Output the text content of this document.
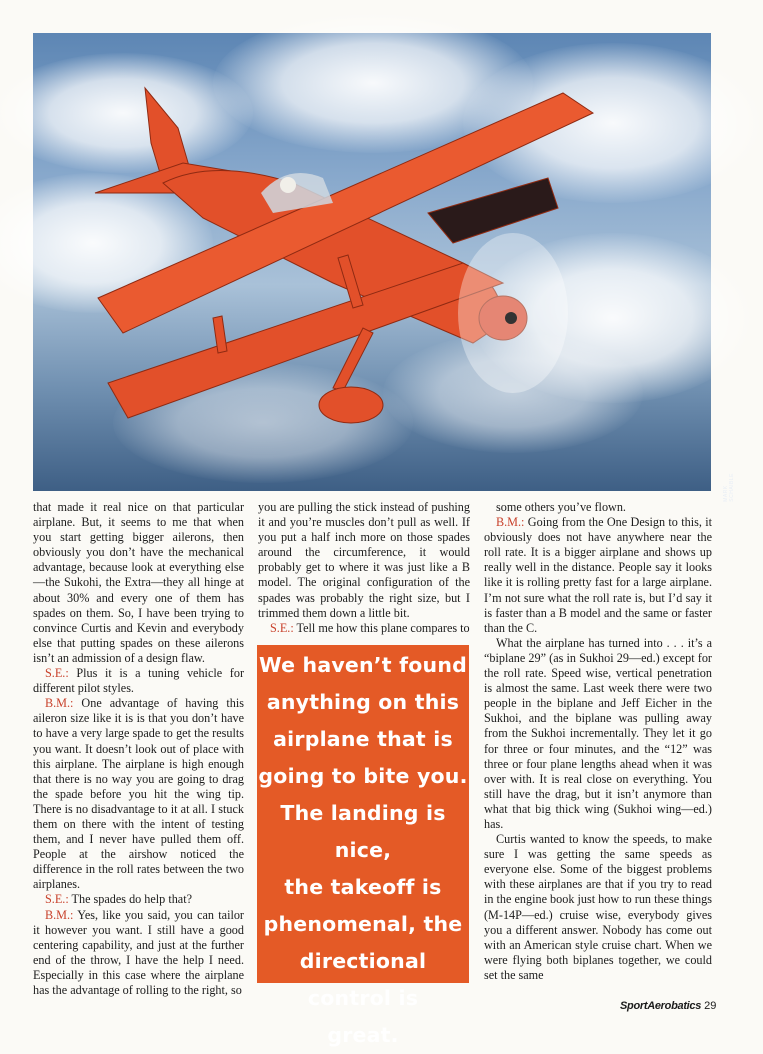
MARK SCHAIBLE

that made it real nice on that particular airplane. But, it seems to me that when you start getting bigger ailerons, then obviously you don’t have the mechanical advantage, because look at everything else—the Sukohi, the Extra—they all hinge at about 30% and every one of them has spades on them. So, I have been trying to convince Curtis and Kevin and everybody else that putting spades on these ailerons isn’t an admission of a design flaw.

S.E.: Plus it is a tuning vehicle for different pilot styles.

B.M.: One advantage of having this aileron size like it is is that you don’t have to have a very large spade to get the results you want. It doesn’t look out of place with this airplane. The airplane is high enough that there is no way you are going to drag the spade before you hit the wing tip. There is no disadvantage to it at all. I stuck them on there with the intent of testing them, and I never have pulled them off. People at the airshow noticed the difference in the roll rates between the two airplanes.

S.E.: The spades do help that?

B.M.: Yes, like you said, you can tailor it however you want. I still have a good centering capability, and just at the further end of the throw, I have the help I need. Especially in this case where the airplane has the advantage of rolling to the right, so

you are pulling the stick instead of pushing it and you’re muscles don’t pull as well. If you put a half inch more on those spades around the circumference, it would probably get to where it was just like a B model. The original configuration of the spades was probably the right size, but I trimmed them down a little bit.

S.E.: Tell me how this plane compares to

We haven’t found
anything on this
airplane that is
going to bite you.
The landing is nice,
the takeoff is
phenomenal, the
directional control is
great.

some others you’ve flown.

B.M.: Going from the One Design to this, it obviously does not have anywhere near the roll rate. It is a bigger airplane and shows up really well in the distance. People say it looks like it is rolling pretty fast for a large airplane. I’m not sure what the roll rate is, but I’d say it is faster than a B model and the same or faster than the C.

What the airplane has turned into . . . it’s a “biplane 29” (as in Sukhoi 29—ed.) except for the roll rate. Speed wise, vertical penetration is almost the same. Last week there were two people in the biplane and Jeff Eicher in the Sukhoi, and the biplane was pulling away from the Sukhoi incrementally. They let it go for three or four minutes, and the “12” was three or four plane lengths ahead when it was over with. It is real close on everything. You still have the drag, but it isn’t anymore than what that big thick wing (Sukhoi wing—ed.) has.

Curtis wanted to know the speeds, to make sure I was getting the same speeds as everyone else. Some of the biggest problems with these airplanes are that if you try to read in the engine book just how to run these things (M-14P—ed.) cruise wise, everybody gives you a different answer. Nobody has come out with an American style cruise chart. When we were flying both biplanes together, we could set the same

SportAerobatics 29
